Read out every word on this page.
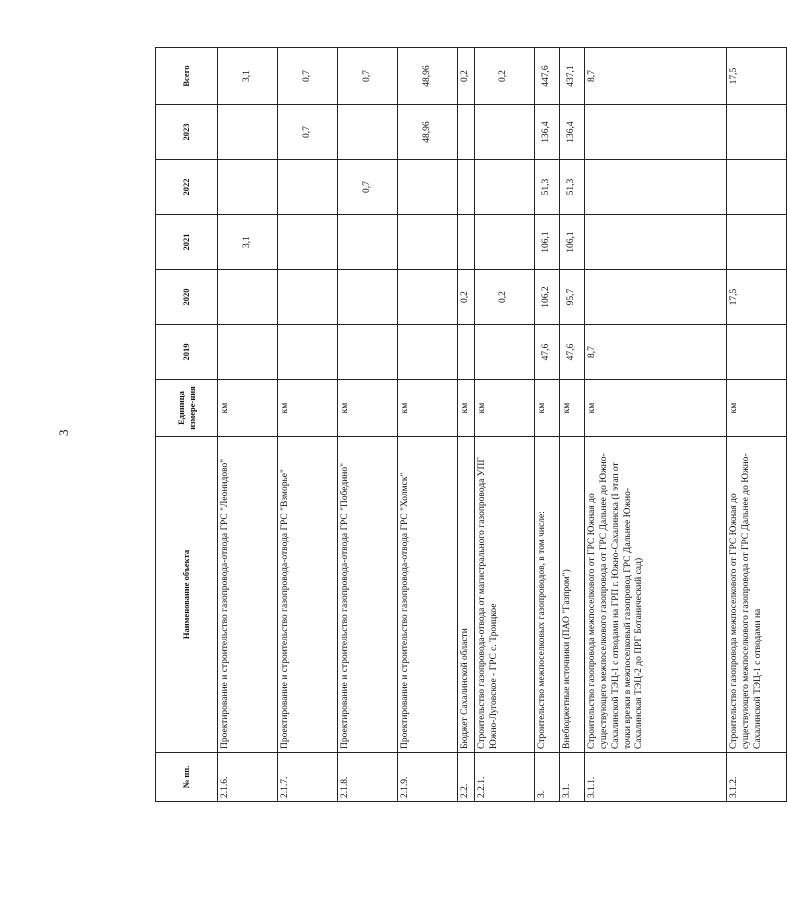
3
№ пп.	Наименование объекта	Единица измере-ния	2019	2020	2021	2022	2023	Всего
2.1.6.	Проектирование и строительство газопровода-отвода ГРС "Леонидово"	км			3,1			3,1
2.1.7.	Проектирование и строительство газопровода-отвода ГРС "Взморье"	км					0,7	0,7
2.1.8.	Проектирование и строительство газопровода-отвода ГРС "Победино"	км				0,7		0,7
2.1.9.	Проектирование и строительство газопровода-отвода ГРС "Холмск"	км					48,96	48,96
2.2.	Бюджет Сахалинской области	км		0,2				0,2
2.2.1.	Строительство газопровода-отвода от магистрального газопровода УПГ Южно-Луговское - ГРС с. Троицкое	км		0,2				0,2
3.	Строительство межпоселковых газопроводов, в том числе:	км	47,6	106,2	106,1	51,3	136,4	447,6
3.1.	Внебюджетные источники (ПАО "Газпром")	км	47,6	95,7	106,1	51,3	136,4	437,1
3.1.1.	Строительство газопровода межпоселкового от ГРС Южная до существующего межпоселкового газопровода от ГРС Дальнее до Южно-Сахалинской ТЭЦ-1 с отводами на ГРП г. Южно-Сахалинска (I этап от точки врезки в межпоселковый газопровод ГРС Дальнее Южно-Сахалинская ТЭЦ-2 до ПРГ Ботанический сад)	км	8,7					8,7
3.1.2.	Строительство газопровода межпоселкового от ГРС Южная до существующего межпоселкового газопровода от ГРС Дальнее до Южно-Сахалинской ТЭЦ-1 с отводами на	км		17,5				17,5
